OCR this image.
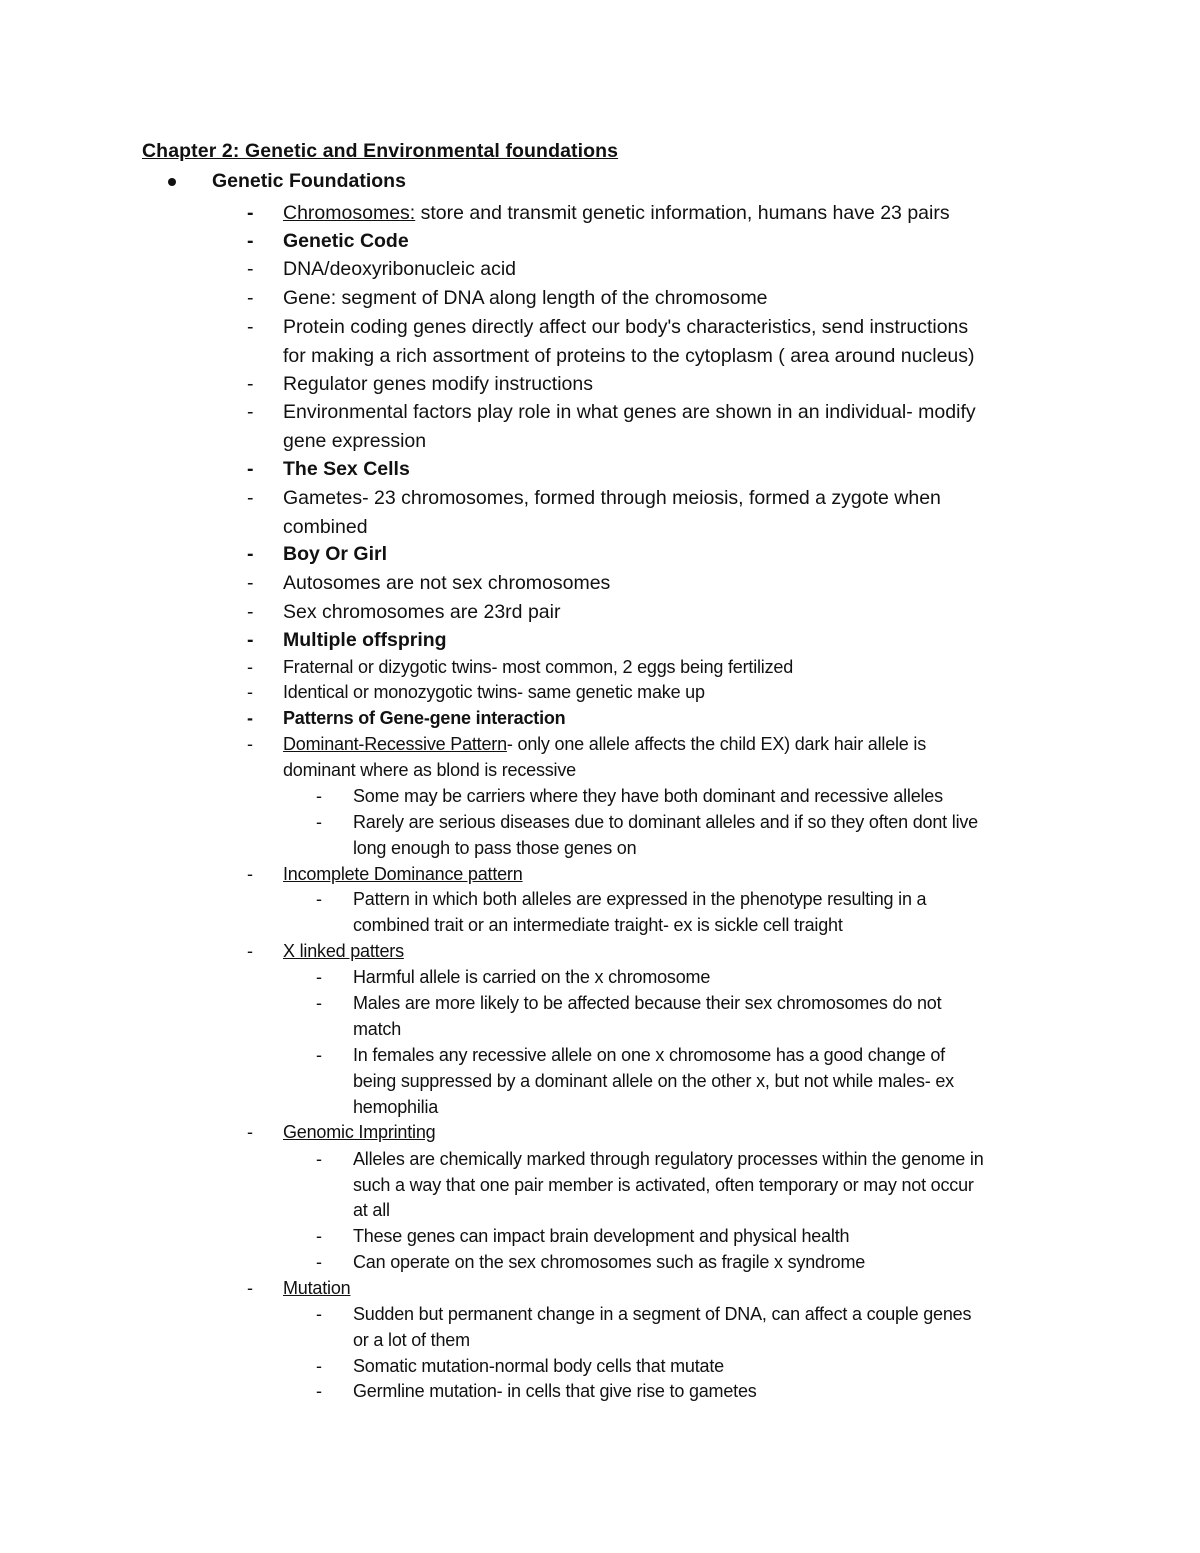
Chapter 2: Genetic and Environmental foundations
Genetic Foundations
- Chromosomes: store and transmit genetic information, humans have 23 pairs
- Genetic Code
- DNA/deoxyribonucleic acid
- Gene: segment of DNA along length of the chromosome
- Protein coding genes directly affect our body's characteristics, send instructions
for making a rich assortment of proteins to the cytoplasm ( area around nucleus)
- Regulator genes modify instructions
- Environmental factors play role in what genes are shown in an individual- modify
gene expression
- The Sex Cells
- Gametes- 23 chromosomes, formed through meiosis, formed a zygote when
combined
- Boy Or Girl
- Autosomes are not sex chromosomes
- Sex chromosomes are 23rd pair
- Multiple offspring
- Fraternal or dizygotic twins- most common, 2 eggs being fertilized
- Identical or monozygotic twins- same genetic make up
- Patterns of Gene-gene interaction
- Dominant-Recessive Pattern- only one allele affects the child EX) dark hair allele is
dominant where as blond is recessive
- Some may be carriers where they have both dominant and recessive alleles
- Rarely are serious diseases due to dominant alleles and if so they often dont live
long enough to pass those genes on
- Incomplete Dominance pattern
- Pattern in which both alleles are expressed in the phenotype resulting in a
combined trait or an intermediate traight- ex is sickle cell traight
- X linked patters
- Harmful allele is carried on the x chromosome
- Males are more likely to be affected because their sex chromosomes do not
match
- In females any recessive allele on one x chromosome has a good change of
being suppressed by a dominant allele on the other x, but not while males- ex
hemophilia
- Genomic Imprinting
- Alleles are chemically marked through regulatory processes within the genome in
such a way that one pair member is activated, often temporary or may not occur
at all
- These genes can impact brain development and physical health
- Can operate on the sex chromosomes such as fragile x syndrome
- Mutation
- Sudden but permanent change in a segment of DNA, can affect a couple genes
or a lot of them
- Somatic mutation-normal body cells that mutate
- Germline mutation- in cells that give rise to gametes
